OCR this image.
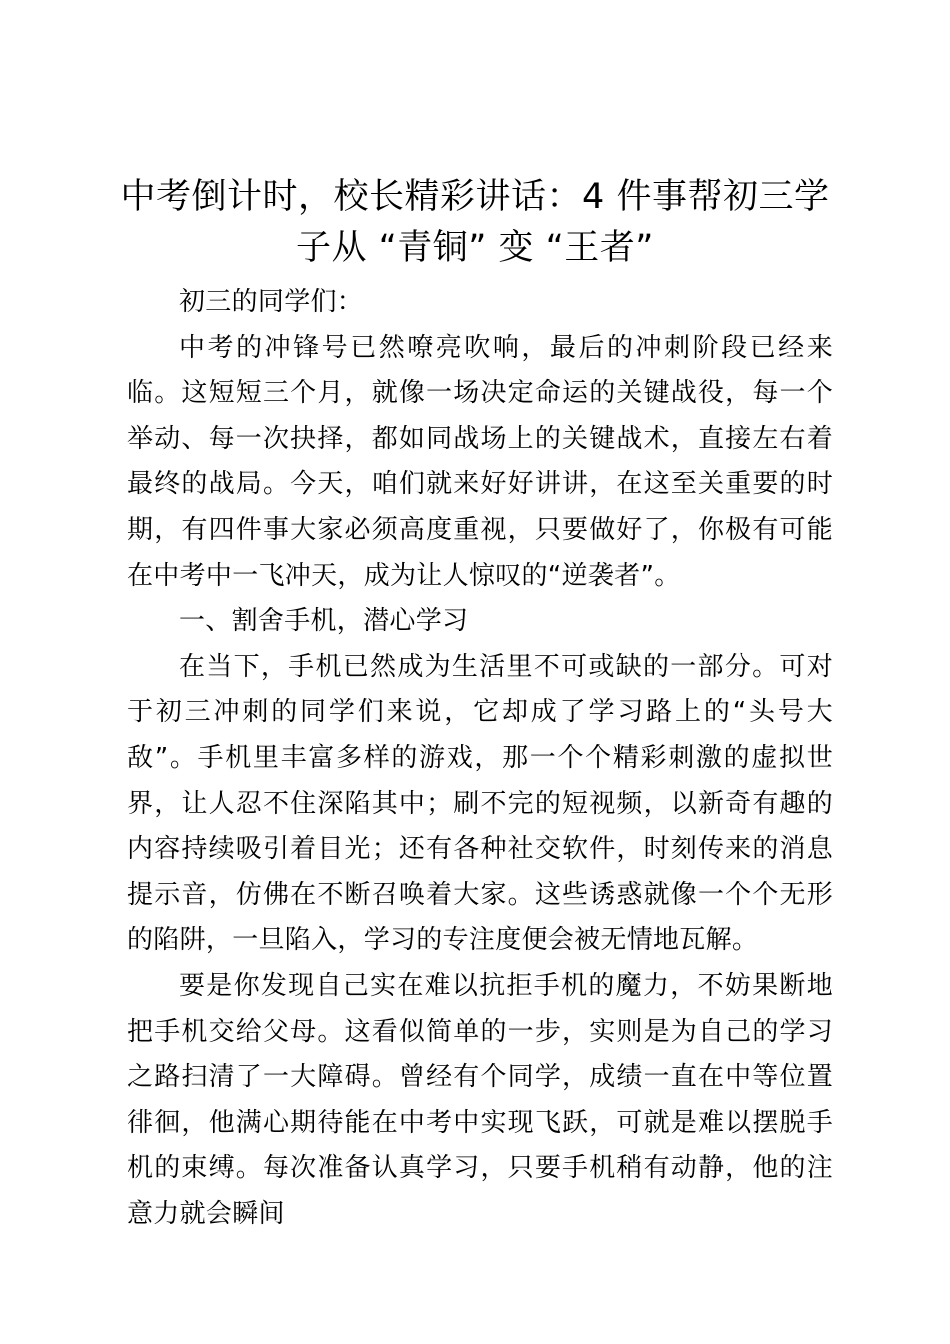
中考倒计时，校长精彩讲话：4 件事帮初三学子从 “青铜” 变 “王者”

初三的同学们：

中考的冲锋号已然嘹亮吹响，最后的冲刺阶段已经来临。这短短三个月，就像一场决定命运的关键战役，每一个举动、每一次抉择，都如同战场上的关键战术，直接左右着最终的战局。今天，咱们就来好好讲讲，在这至关重要的时期，有四件事大家必须高度重视，只要做好了，你极有可能在中考中一飞冲天，成为让人惊叹的“逆袭者”。

一、割舍手机，潜心学习

在当下，手机已然成为生活里不可或缺的一部分。可对于初三冲刺的同学们来说，它却成了学习路上的“头号大敌”。手机里丰富多样的游戏，那一个个精彩刺激的虚拟世界，让人忍不住深陷其中；刷不完的短视频，以新奇有趣的内容持续吸引着目光；还有各种社交软件，时刻传来的消息提示音，仿佛在不断召唤着大家。这些诱惑就像一个个无形的陷阱，一旦陷入，学习的专注度便会被无情地瓦解。

要是你发现自己实在难以抗拒手机的魔力，不妨果断地把手机交给父母。这看似简单的一步，实则是为自己的学习之路扫清了一大障碍。曾经有个同学，成绩一直在中等位置徘徊，他满心期待能在中考中实现飞跃，可就是难以摆脱手机的束缚。每次准备认真学习，只要手机稍有动静，他的注意力就会瞬间
